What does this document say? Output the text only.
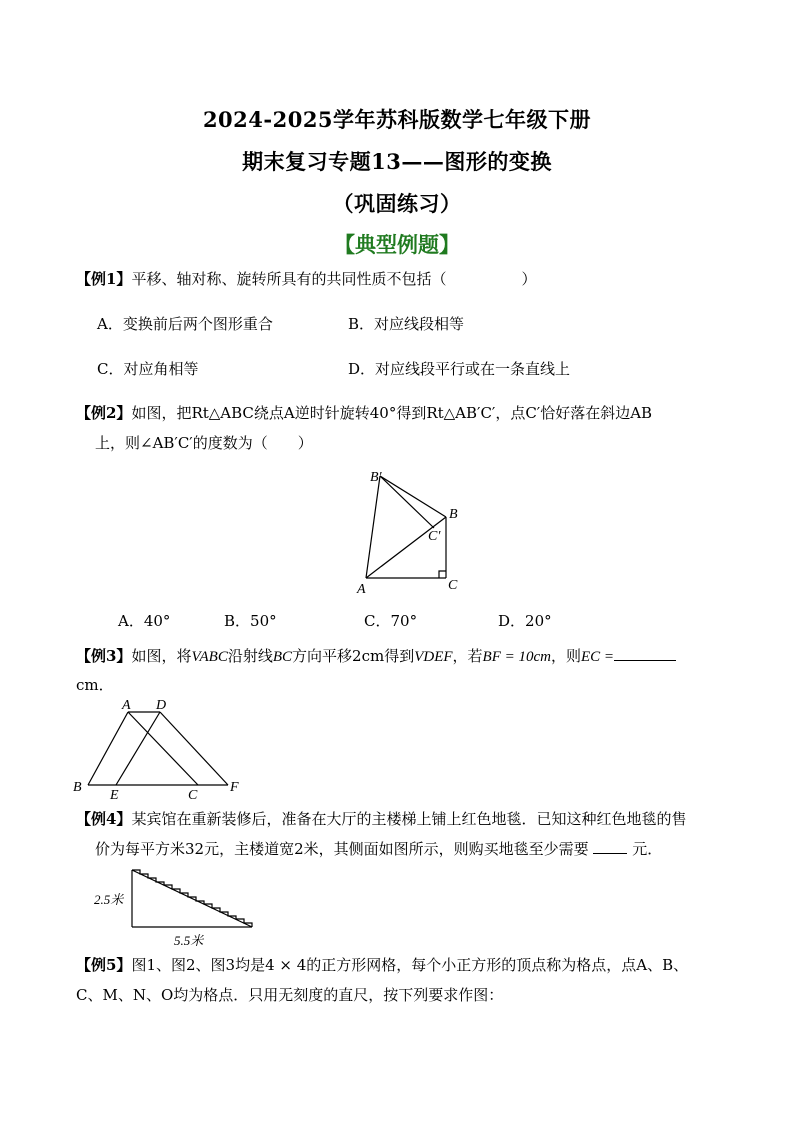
2024-2025学年苏科版数学七年级下册
期末复习专题13——图形的变换
（巩固练习）
【典型例题】
【例1】平移、轴对称、旋转所具有的共同性质不包括（　　　　　）
A．变换前后两个图形重合	B．对应线段相等
C．对应角相等	D．对应线段平行或在一条直线上
【例2】如图，把Rt△ABC绕点A逆时针旋转40°得到Rt△AB′C′，点C′恰好落在斜边AB
上，则∠AB′C′的度数为（　　）
B′
B
C′
A	C
A．40°	B．50°	C．70°	D．20°
【例3】如图，将VABC沿射线BC方向平移2cm得到VDEF，若BF = 10cm，则EC =
cm．
A D
B
E	C
F
【例4】某宾馆在重新装修后，准备在大厅的主楼梯上铺上红色地毯．已知这种红色地毯的售
价为每平方米32元，主楼道宽2米，其侧面如图所示，则购买地毯至少需要	元．
2.5米
5.5米
【例5】图1、图2、图3均是4 × 4的正方形网格，每个小正方形的顶点称为格点，点A、B、
C、M、N、O均为格点．只用无刻度的直尺，按下列要求作图：
